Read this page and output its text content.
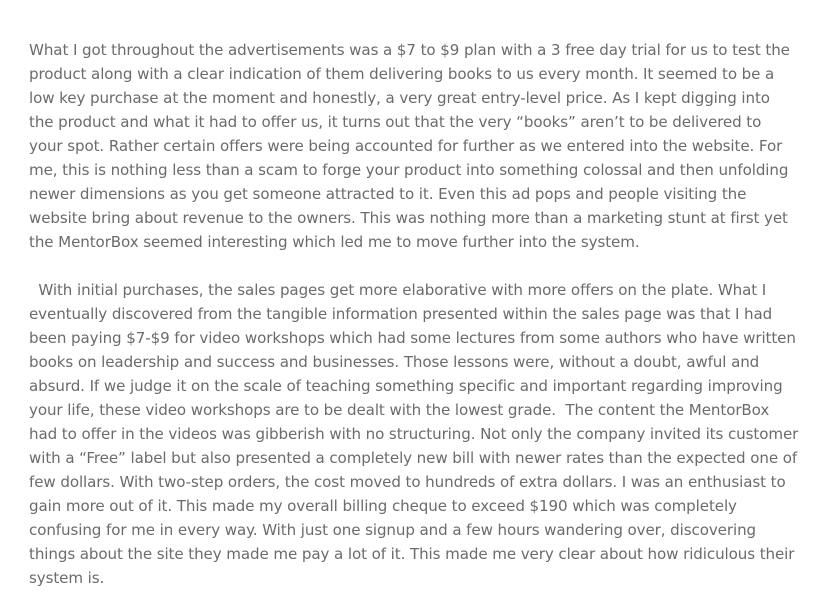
What I got throughout the advertisements was a $7 to $9 plan with a 3 free day trial for us to test the product along with a clear indication of them delivering books to us every month. It seemed to be a low key purchase at the moment and honestly, a very great entry-level price. As I kept digging into the product and what it had to offer us, it turns out that the very “books” aren’t to be delivered to your spot. Rather certain offers were being accounted for further as we entered into the website. For me, this is nothing less than a scam to forge your product into something colossal and then unfolding newer dimensions as you get someone attracted to it. Even this ad pops and people visiting the website bring about revenue to the owners. This was nothing more than a marketing stunt at first yet the MentorBox seemed interesting which led me to move further into the system.

With initial purchases, the sales pages get more elaborative with more offers on the plate. What I eventually discovered from the tangible information presented within the sales page was that I had been paying $7-$9 for video workshops which had some lectures from some authors who have written books on leadership and success and businesses. Those lessons were, without a doubt, awful and absurd. If we judge it on the scale of teaching something specific and important regarding improving your life, these video workshops are to be dealt with the lowest grade.  The content the MentorBox had to offer in the videos was gibberish with no structuring. Not only the company invited its customer with a “Free” label but also presented a completely new bill with newer rates than the expected one of few dollars. With two-step orders, the cost moved to hundreds of extra dollars. I was an enthusiast to gain more out of it. This made my overall billing cheque to exceed $190 which was completely confusing for me in every way. With just one signup and a few hours wandering over, discovering things about the site they made me pay a lot of it. This made me very clear about how ridiculous their system is.
